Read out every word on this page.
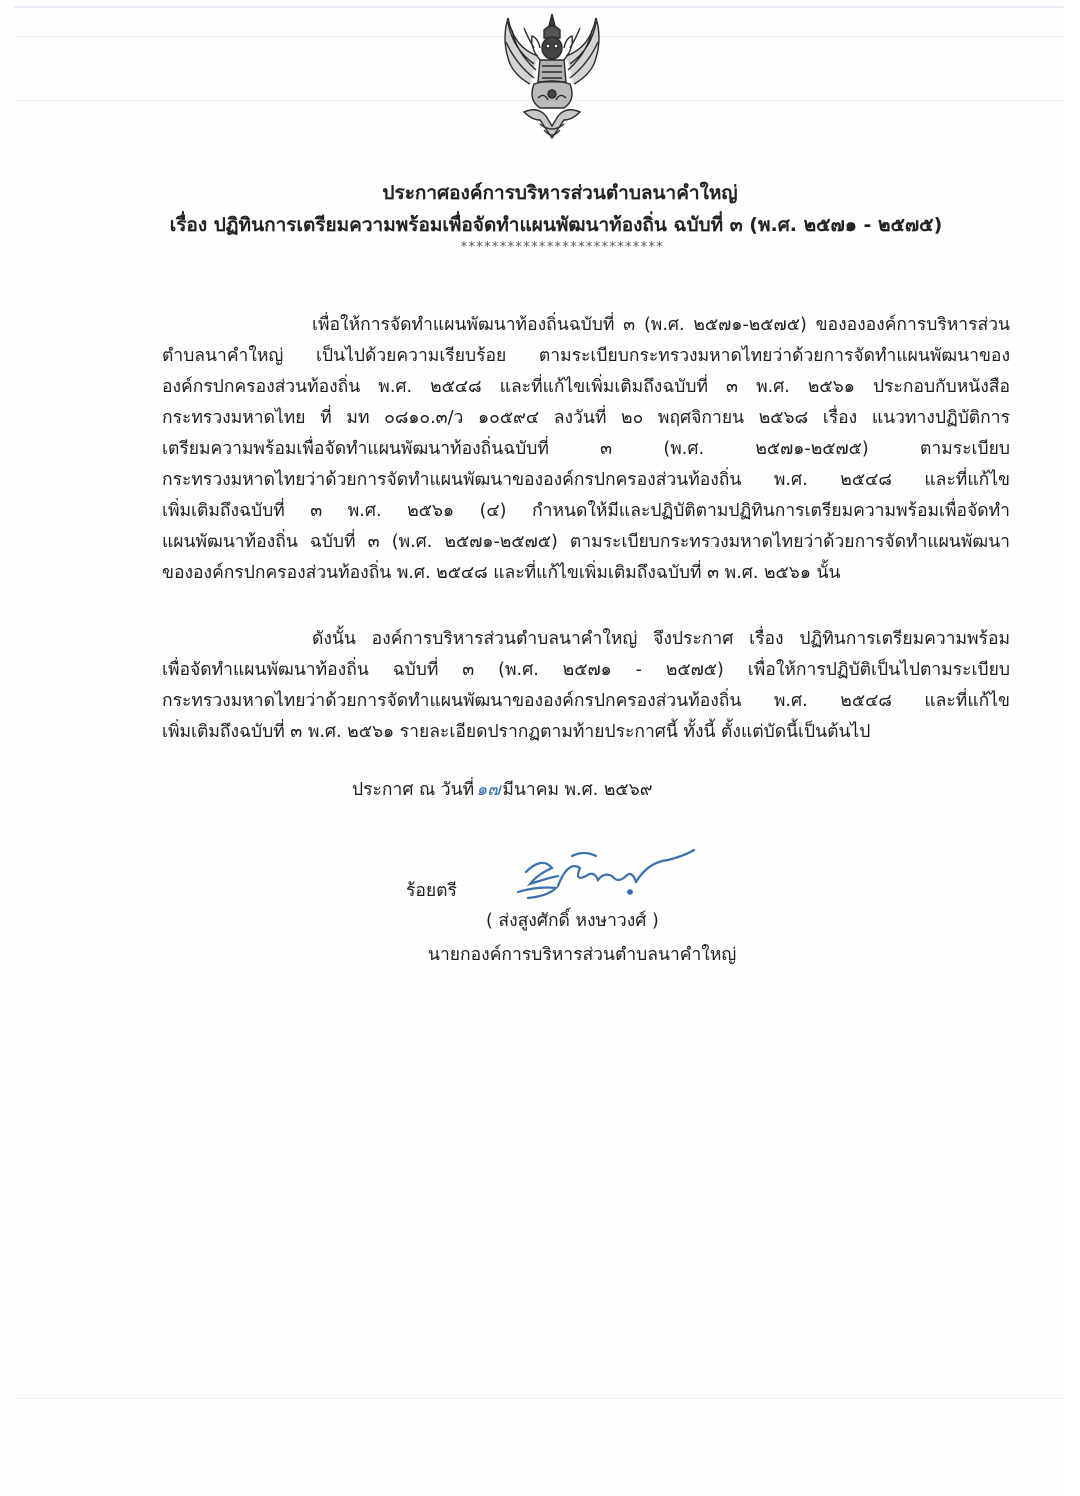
ประกาศองค์การบริหารส่วนตำบลนาคำใหญ่
เรื่อง ปฏิทินการเตรียมความพร้อมเพื่อจัดทำแผนพัฒนาท้องถิ่น ฉบับที่ ๓ (พ.ศ. ๒๕๗๑ - ๒๕๗๕)
**************************
เพื่อให้การจัดทำแผนพัฒนาท้องถิ่นฉบับที่ ๓ (พ.ศ. ๒๕๗๑-๒๕๗๕) ของององค์การบริหารส่วน
ตำบลนาคำใหญ่ เป็นไปด้วยความเรียบร้อย ตามระเบียบกระทรวงมหาดไทยว่าด้วยการจัดทำแผนพัฒนาของ
องค์กรปกครองส่วนท้องถิ่น พ.ศ. ๒๕๔๘ และที่แก้ไขเพิ่มเติมถึงฉบับที่ ๓ พ.ศ. ๒๕๖๑ ประกอบกับหนังสือ
กระทรวงมหาดไทย ที่ มท ๐๘๑๐.๓/ว ๑๐๕๙๔ ลงวันที่ ๒๐ พฤศจิกายน ๒๕๖๘ เรื่อง แนวทางปฏิบัติการ
เตรียมความพร้อมเพื่อจัดทำแผนพัฒนาท้องถิ่นฉบับที่ ๓ (พ.ศ. ๒๕๗๑-๒๕๗๕) ตามระเบียบ
กระทรวงมหาดไทยว่าด้วยการจัดทำแผนพัฒนาขององค์กรปกครองส่วนท้องถิ่น พ.ศ. ๒๕๔๘ และที่แก้ไข
เพิ่มเติมถึงฉบับที่ ๓ พ.ศ. ๒๕๖๑ (๔) กำหนดให้มีและปฏิบัติตามปฏิทินการเตรียมความพร้อมเพื่อจัดทำ
แผนพัฒนาท้องถิ่น ฉบับที่ ๓ (พ.ศ. ๒๕๗๑-๒๕๗๕) ตามระเบียบกระทรวงมหาดไทยว่าด้วยการจัดทำแผนพัฒนา
ขององค์กรปกครองส่วนท้องถิ่น พ.ศ. ๒๕๔๘ และที่แก้ไขเพิ่มเติมถึงฉบับที่ ๓ พ.ศ. ๒๕๖๑ นั้น
ดังนั้น องค์การบริหารส่วนตำบลนาคำใหญ่ จึงประกาศ เรื่อง ปฏิทินการเตรียมความพร้อม
เพื่อจัดทำแผนพัฒนาท้องถิ่น ฉบับที่ ๓ (พ.ศ. ๒๕๗๑ - ๒๕๗๕) เพื่อให้การปฏิบัติเป็นไปตามระเบียบ
กระทรวงมหาดไทยว่าด้วยการจัดทำแผนพัฒนาขององค์กรปกครองส่วนท้องถิ่น พ.ศ. ๒๕๔๘ และที่แก้ไข
เพิ่มเติมถึงฉบับที่ ๓ พ.ศ. ๒๕๖๑ รายละเอียดปรากฏตามท้ายประกาศนี้ ทั้งนี้ ตั้งแต่บัดนี้เป็นต้นไป
ประกาศ ณ วันที่ ๑๗ มีนาคม พ.ศ. ๒๕๖๙
ร้อยตรี
( ส่งสูงศักดิ์ หงษาวงศ์ )
นายกองค์การบริหารส่วนตำบลนาคำใหญ่
